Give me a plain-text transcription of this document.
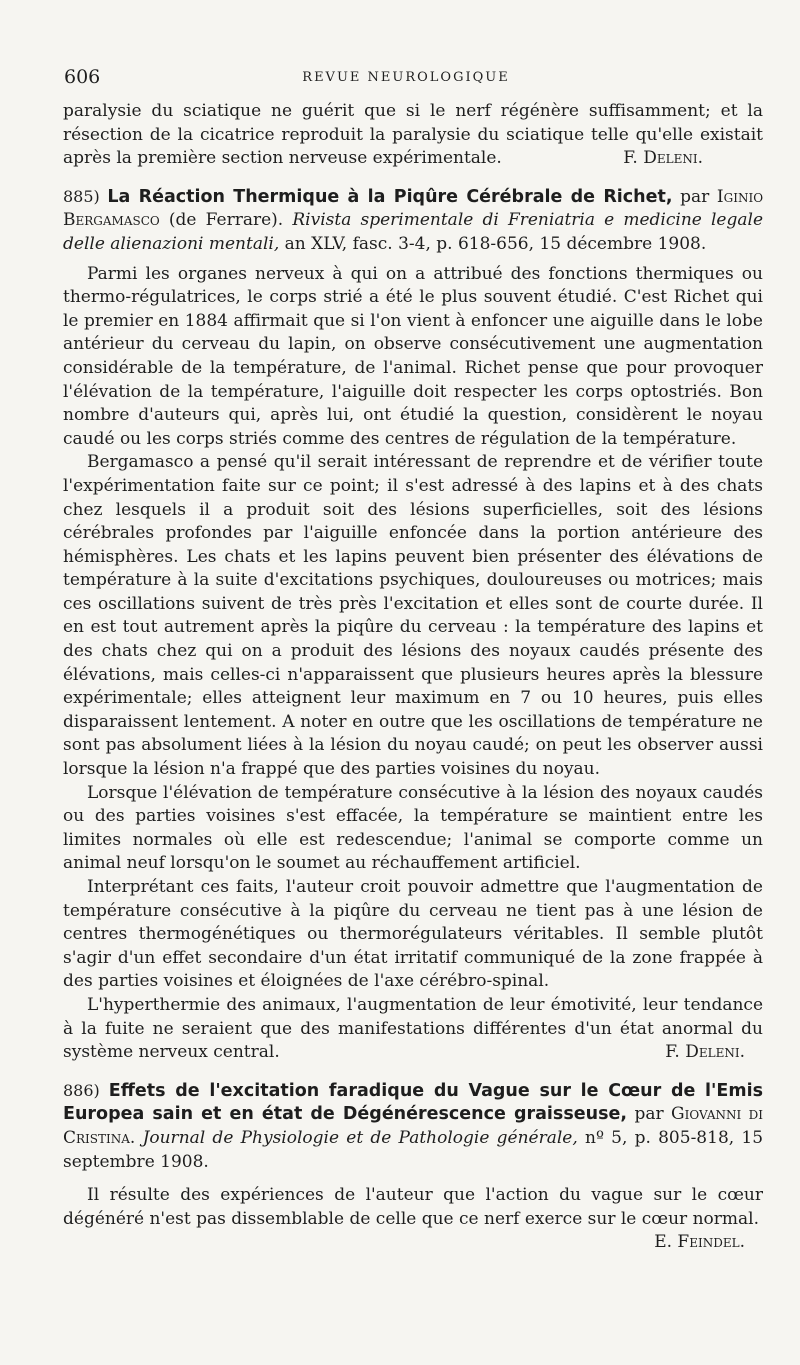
606	REVUE NEUROLOGIQUE

paralysie du sciatique ne guérit que si le nerf régénère suffisamment; et la résection de la cicatrice reproduit la paralysie du sciatique telle qu'elle existait après la première section nerveuse expérimentale.	F. Deleni.

885) La Réaction Thermique à la Piqûre Cérébrale de Richet, par Iginio Bergamasco (de Ferrare). Rivista sperimentale di Freniatria e medicine legale delle alienazioni mentali, an XLV, fasc. 3-4, p. 618-656, 15 décembre 1908.

Parmi les organes nerveux à qui on a attribué des fonctions thermiques ou thermo-régulatrices, le corps strié a été le plus souvent étudié. C'est Richet qui le premier en 1884 affirmait que si l'on vient à enfoncer une aiguille dans le lobe antérieur du cerveau du lapin, on observe consécutivement une augmentation considérable de la température, de l'animal. Richet pense que pour provoquer l'élévation de la température, l'aiguille doit respecter les corps optostriés. Bon nombre d'auteurs qui, après lui, ont étudié la question, considèrent le noyau caudé ou les corps striés comme des centres de régulation de la température.

Bergamasco a pensé qu'il serait intéressant de reprendre et de vérifier toute l'expérimentation faite sur ce point; il s'est adressé à des lapins et à des chats chez lesquels il a produit soit des lésions superficielles, soit des lésions cérébrales profondes par l'aiguille enfoncée dans la portion antérieure des hémisphères. Les chats et les lapins peuvent bien présenter des élévations de température à la suite d'excitations psychiques, douloureuses ou motrices; mais ces oscillations suivent de très près l'excitation et elles sont de courte durée. Il en est tout autrement après la piqûre du cerveau : la température des lapins et des chats chez qui on a produit des lésions des noyaux caudés présente des élévations, mais celles-ci n'apparaissent que plusieurs heures après la blessure expérimentale; elles atteignent leur maximum en 7 ou 10 heures, puis elles disparaissent lentement. A noter en outre que les oscillations de température ne sont pas absolument liées à la lésion du noyau caudé; on peut les observer aussi lorsque la lésion n'a frappé que des parties voisines du noyau.

Lorsque l'élévation de température consécutive à la lésion des noyaux caudés ou des parties voisines s'est effacée, la température se maintient entre les limites normales où elle est redescendue; l'animal se comporte comme un animal neuf lorsqu'on le soumet au réchauffement artificiel.

Interprétant ces faits, l'auteur croit pouvoir admettre que l'augmentation de température consécutive à la piqûre du cerveau ne tient pas à une lésion de centres thermogénétiques ou thermorégulateurs véritables. Il semble plutôt s'agir d'un effet secondaire d'un état irritatif communiqué de la zone frappée à des parties voisines et éloignées de l'axe cérébro-spinal.

L'hyperthermie des animaux, l'augmentation de leur émotivité, leur tendance à la fuite ne seraient que des manifestations différentes d'un état anormal du système nerveux central.	F. Deleni.

886) Effets de l'excitation faradique du Vague sur le Cœur de l'Emis Europea sain et en état de Dégénérescence graisseuse, par Giovanni di Cristina. Journal de Physiologie et de Pathologie générale, nº 5, p. 805-818, 15 septembre 1908.

Il résulte des expériences de l'auteur que l'action du vague sur le cœur dégénéré n'est pas dissemblable de celle que ce nerf exerce sur le cœur normal.

E. Feindel.
